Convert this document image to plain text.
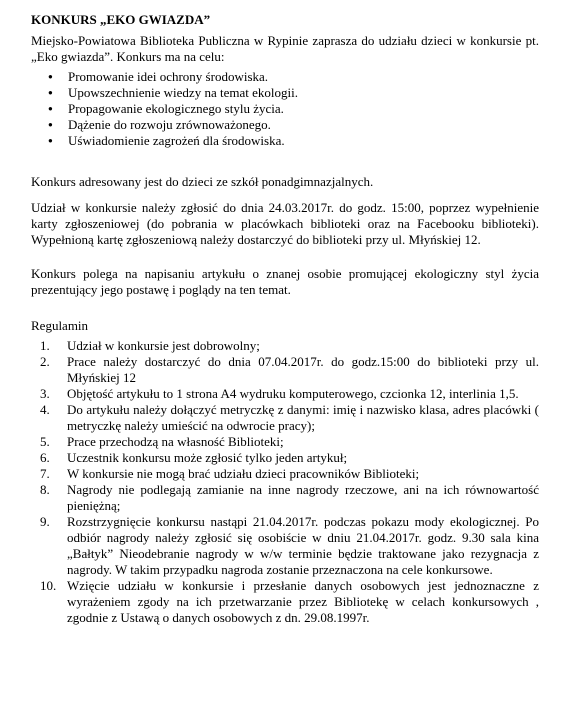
KONKURS „EKO GWIAZDA”

Miejsko-Powiatowa Biblioteka Publiczna w Rypinie zaprasza do udziału dzieci w konkursie pt. „Eko gwiazda”. Konkurs ma na celu:

● Promowanie idei ochrony środowiska.
● Upowszechnienie wiedzy na temat ekologii.
● Propagowanie ekologicznego stylu życia.
● Dążenie do rozwoju zrównoważonego.
● Uświadomienie zagrożeń dla środowiska.

Konkurs adresowany jest do dzieci ze szkół ponadgimnazjalnych.

Udział w konkursie należy zgłosić do dnia 24.03.2017r. do godz. 15:00, poprzez wypełnienie karty zgłoszeniowej (do pobrania w placówkach biblioteki oraz na Facebooku biblioteki). Wypełnioną kartę zgłoszeniową należy dostarczyć do biblioteki przy ul. Młyńskiej 12.

Konkurs polega na napisaniu artykułu o znanej osobie promującej ekologiczny styl życia prezentujący jego postawę i poglądy na ten temat.

Regulamin

1.	Udział w konkursie jest dobrowolny;
2.	Prace należy dostarczyć do dnia 07.04.2017r. do godz.15:00 do biblioteki przy ul. Młyńskiej 12
3.	Objętość artykułu to 1 strona A4 wydruku komputerowego, czcionka 12, interlinia 1,5.
4.	Do artykułu należy dołączyć metryczkę z danymi: imię i nazwisko klasa, adres placówki ( metryczkę należy umieścić na odwrocie pracy);
5.	Prace przechodzą na własność Biblioteki;
6.	Uczestnik konkursu może zgłosić tylko jeden artykuł;
7.	W konkursie nie mogą brać udziału dzieci pracowników Biblioteki;
8.	Nagrody nie podlegają zamianie na inne nagrody rzeczowe, ani na ich równowartość pieniężną;
9.	Rozstrzygnięcie konkursu nastąpi 21.04.2017r. podczas pokazu mody ekologicznej. Po odbiór nagrody należy zgłosić się osobiście w dniu 21.04.2017r. godz. 9.30 sala kina „Bałtyk” Nieodebranie nagrody w w/w terminie będzie traktowane jako rezygnacja z nagrody. W takim przypadku nagroda zostanie przeznaczona na cele konkursowe.
10. Wzięcie udziału w konkursie i przesłanie danych osobowych jest jednoznaczne z wyrażeniem zgody na ich przetwarzanie przez Bibliotekę w celach konkursowych , zgodnie z Ustawą o danych osobowych z dn. 29.08.1997r.
